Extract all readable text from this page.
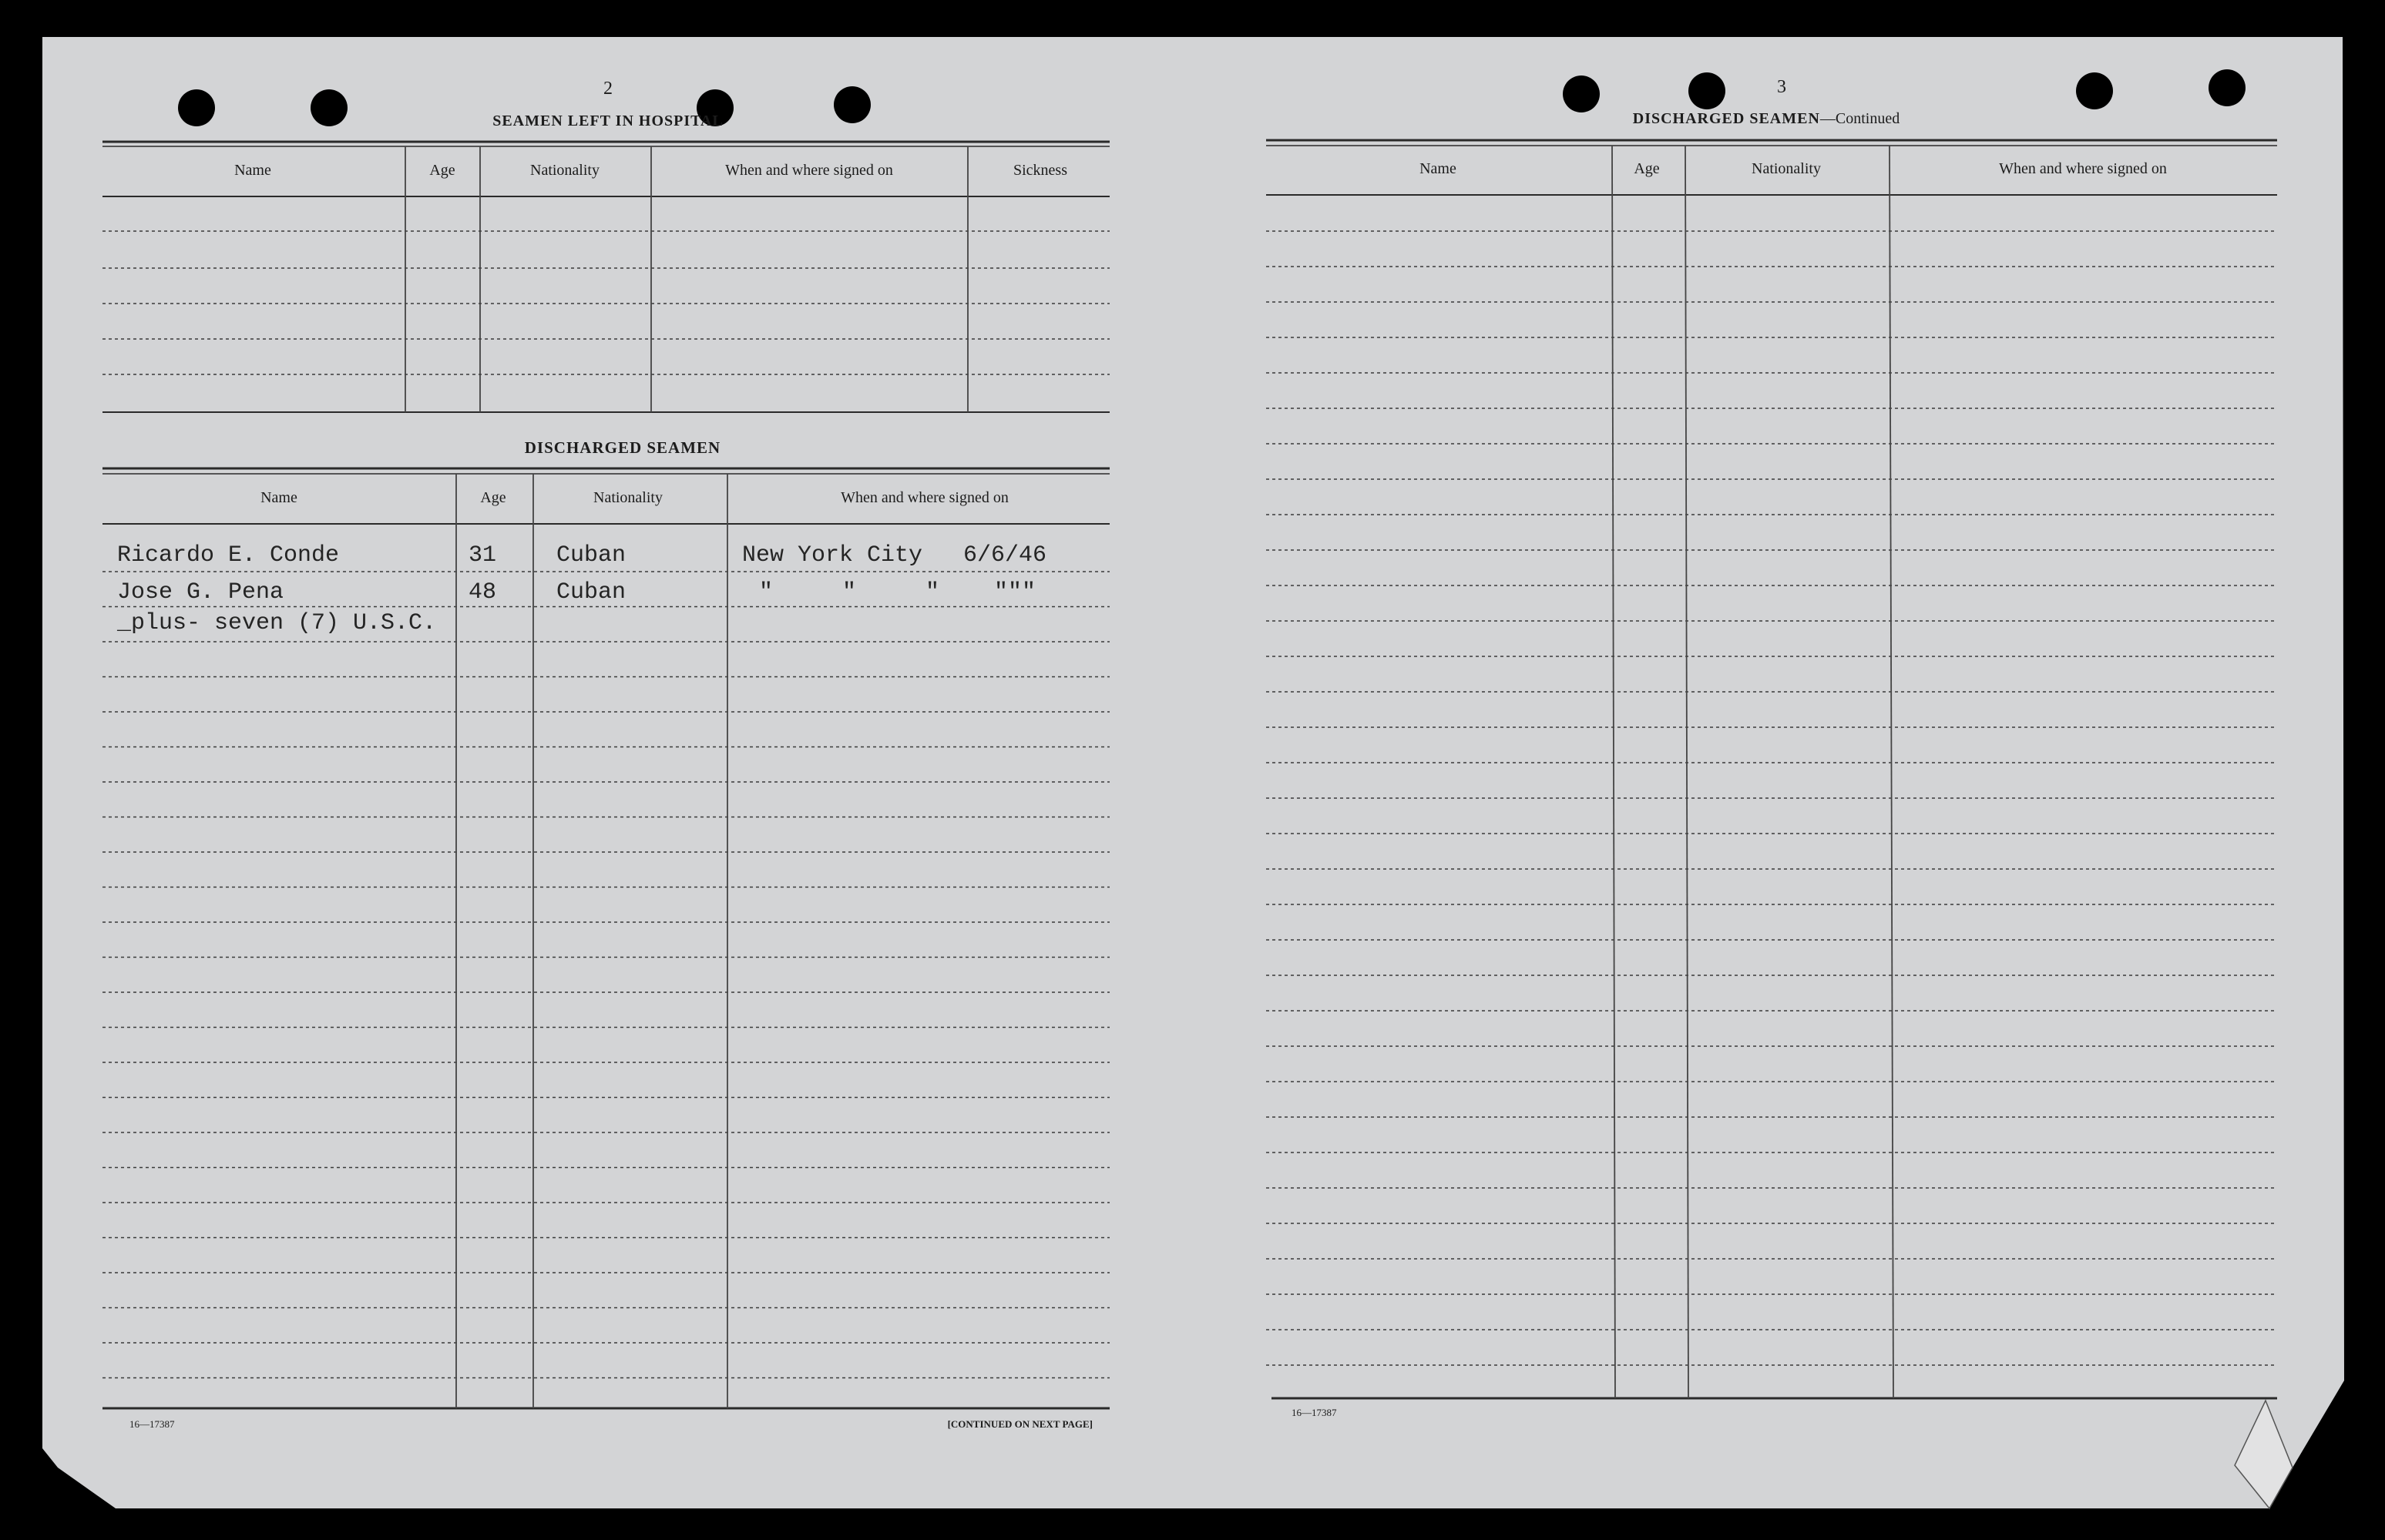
2
SEAMEN LEFT IN HOSPITAL
Name	Age	Nationality	When and where signed on	Sickness
DISCHARGED SEAMEN
Name	Age	Nationality	When and where signed on
Ricardo E. Conde	31	Cuban	New York City 6/6/46
Jose G. Pena	48	Cuban	"     "     " """
_plus- seven (7) U.S.C.
16—17387	[CONTINUED ON NEXT PAGE]
3
DISCHARGED SEAMEN—Continued
Name	Age	Nationality	When and where signed on
16—17387
